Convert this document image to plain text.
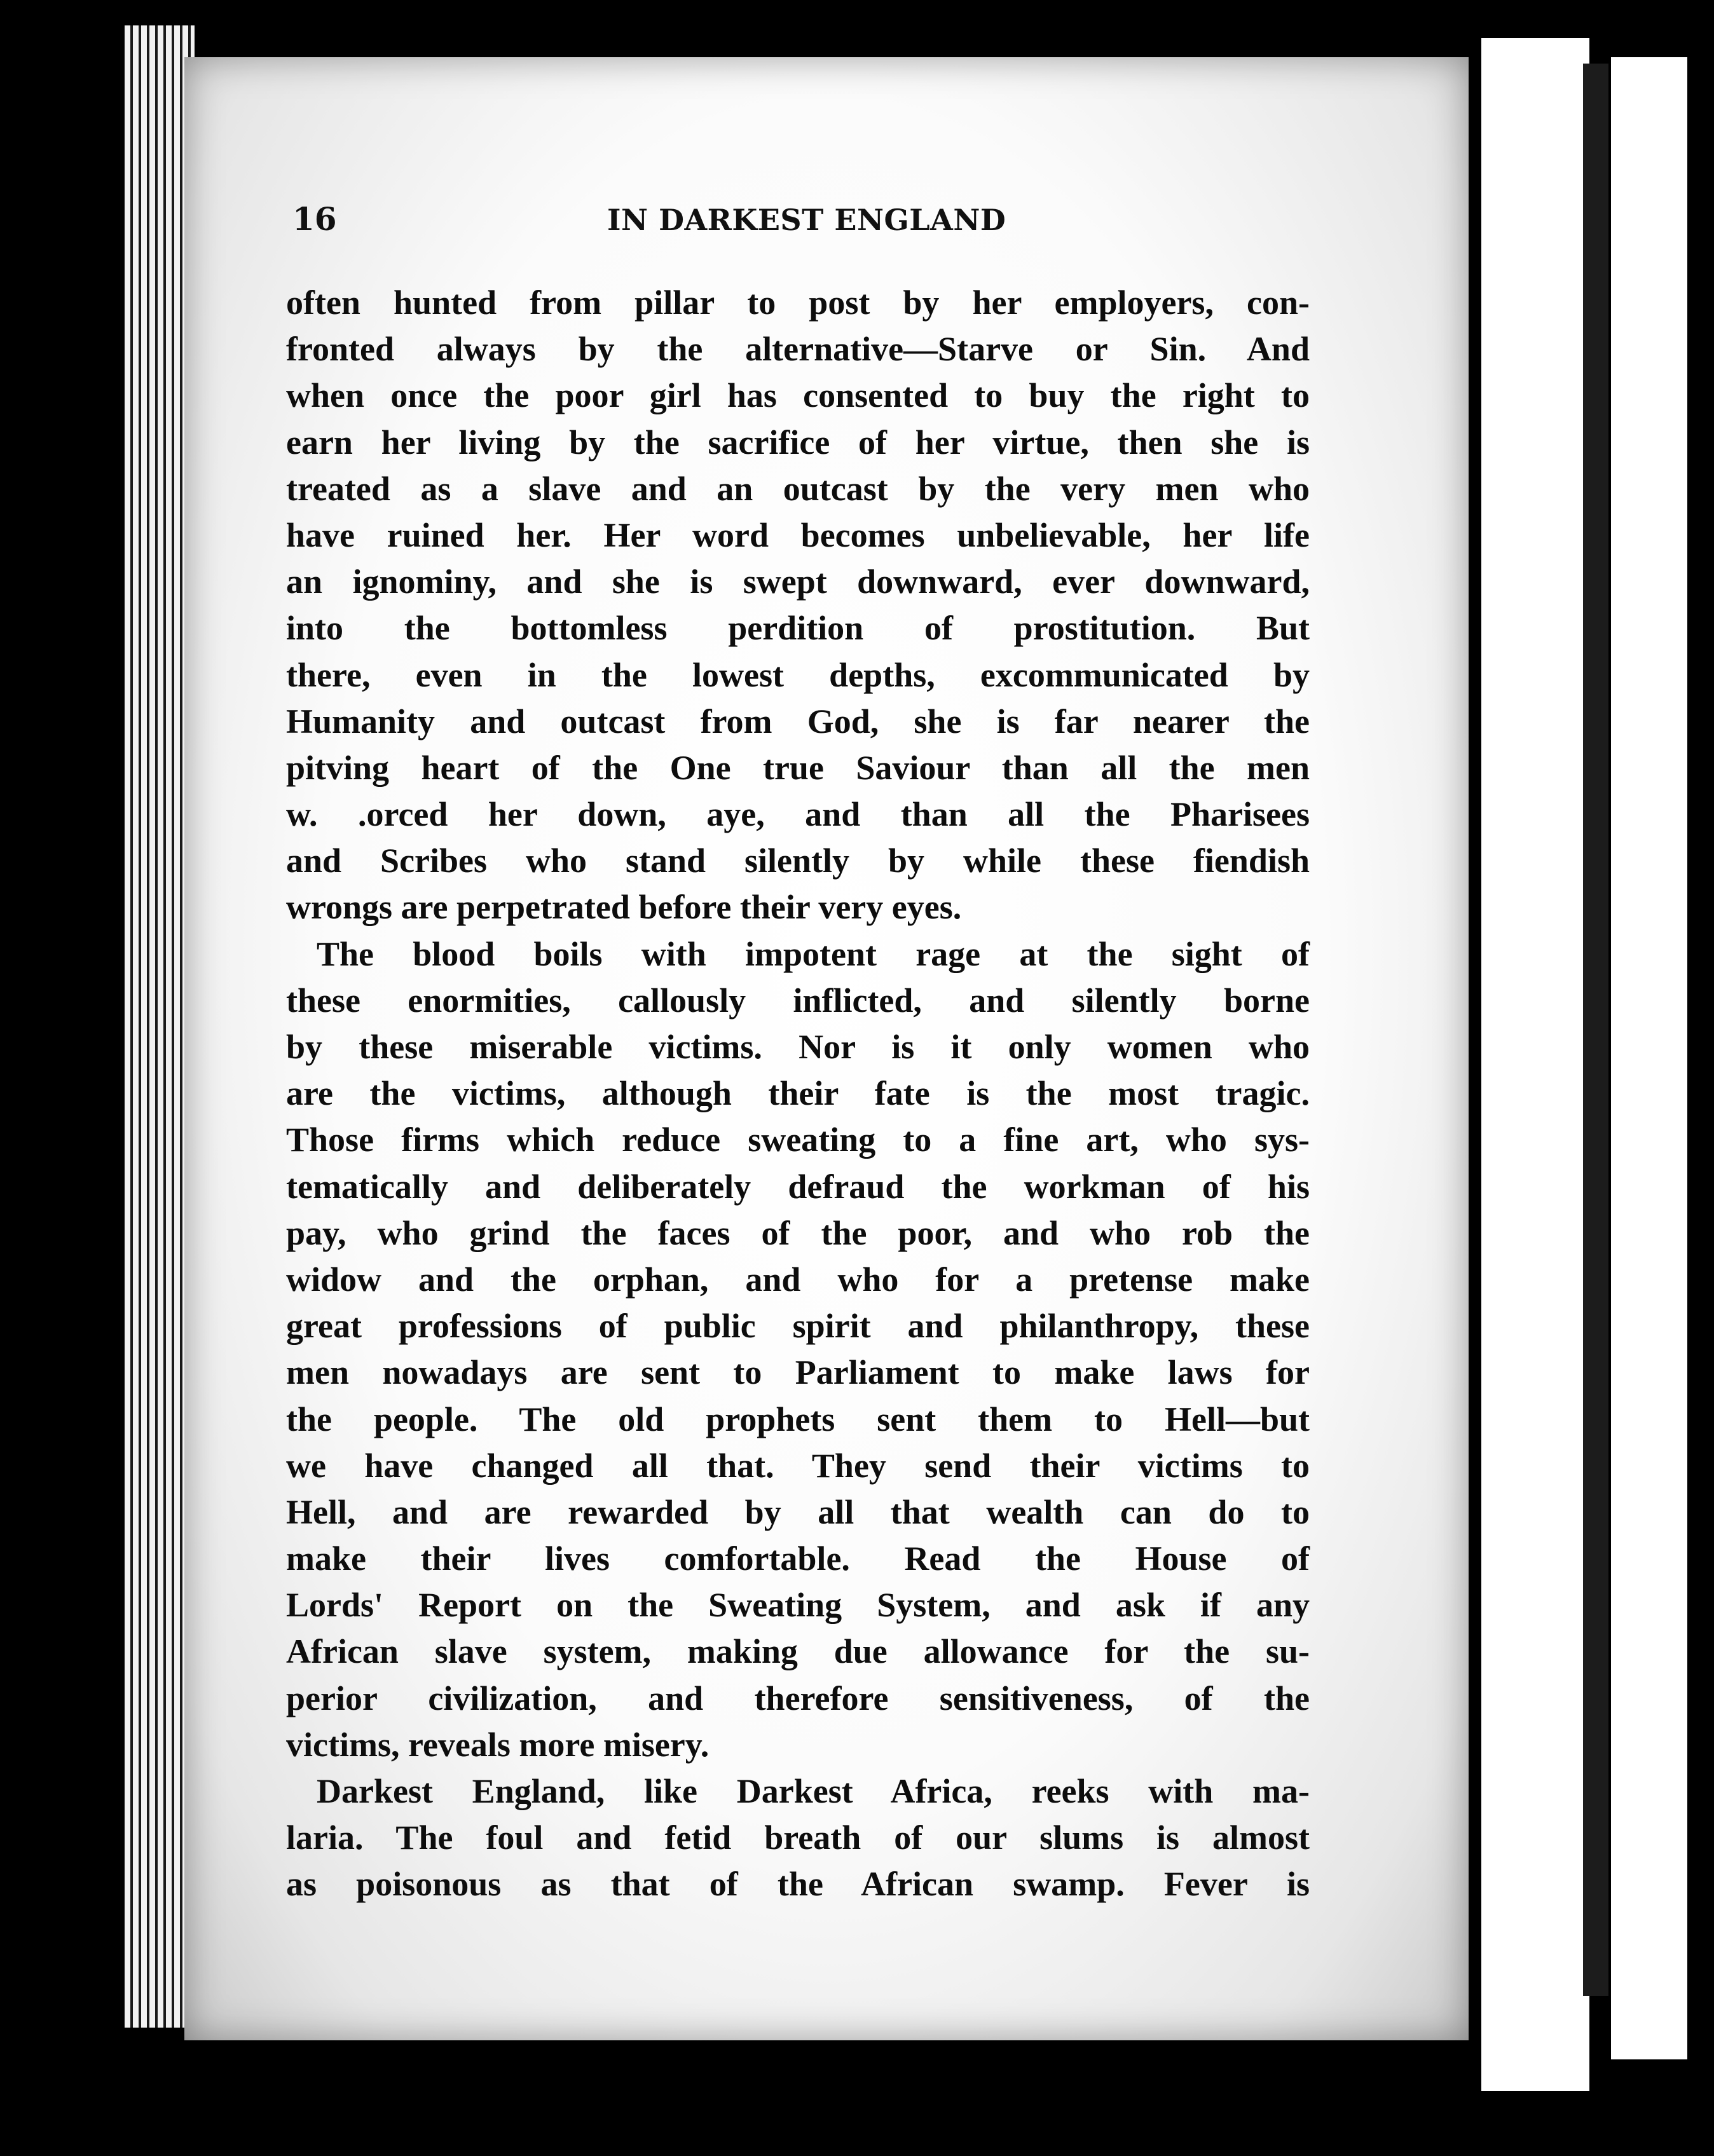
16	IN DARKEST ENGLAND
often hunted from pillar to post by her employers, con-
fronted always by the alternative—Starve or Sin. And
when once the poor girl has consented to buy the right to
earn her living by the sacrifice of her virtue, then she is
treated as a slave and an outcast by the very men who
have ruined her. Her word becomes unbelievable, her life
an ignominy, and she is swept downward, ever downward,
into the bottomless perdition of prostitution. But
there, even in the lowest depths, excommunicated by
Humanity and outcast from God, she is far nearer the
pitving heart of the One true Saviour than all the men
w. .orced her down, aye, and than all the Pharisees
and Scribes who stand silently by while these fiendish
wrongs are perpetrated before their very eyes.
The blood boils with impotent rage at the sight of
these enormities, callously inflicted, and silently borne
by these miserable victims. Nor is it only women who
are the victims, although their fate is the most tragic.
Those firms which reduce sweating to a fine art, who sys-
tematically and deliberately defraud the workman of his
pay, who grind the faces of the poor, and who rob the
widow and the orphan, and who for a pretense make
great professions of public spirit and philanthropy, these
men nowadays are sent to Parliament to make laws for
the people. The old prophets sent them to Hell—but
we have changed all that. They send their victims to
Hell, and are rewarded by all that wealth can do to
make their lives comfortable. Read the House of
Lords' Report on the Sweating System, and ask if any
African slave system, making due allowance for the su-
perior civilization, and therefore sensitiveness, of the
victims, reveals more misery.
Darkest England, like Darkest Africa, reeks with ma-
laria. The foul and fetid breath of our slums is almost
as poisonous as that of the African swamp. Fever is
